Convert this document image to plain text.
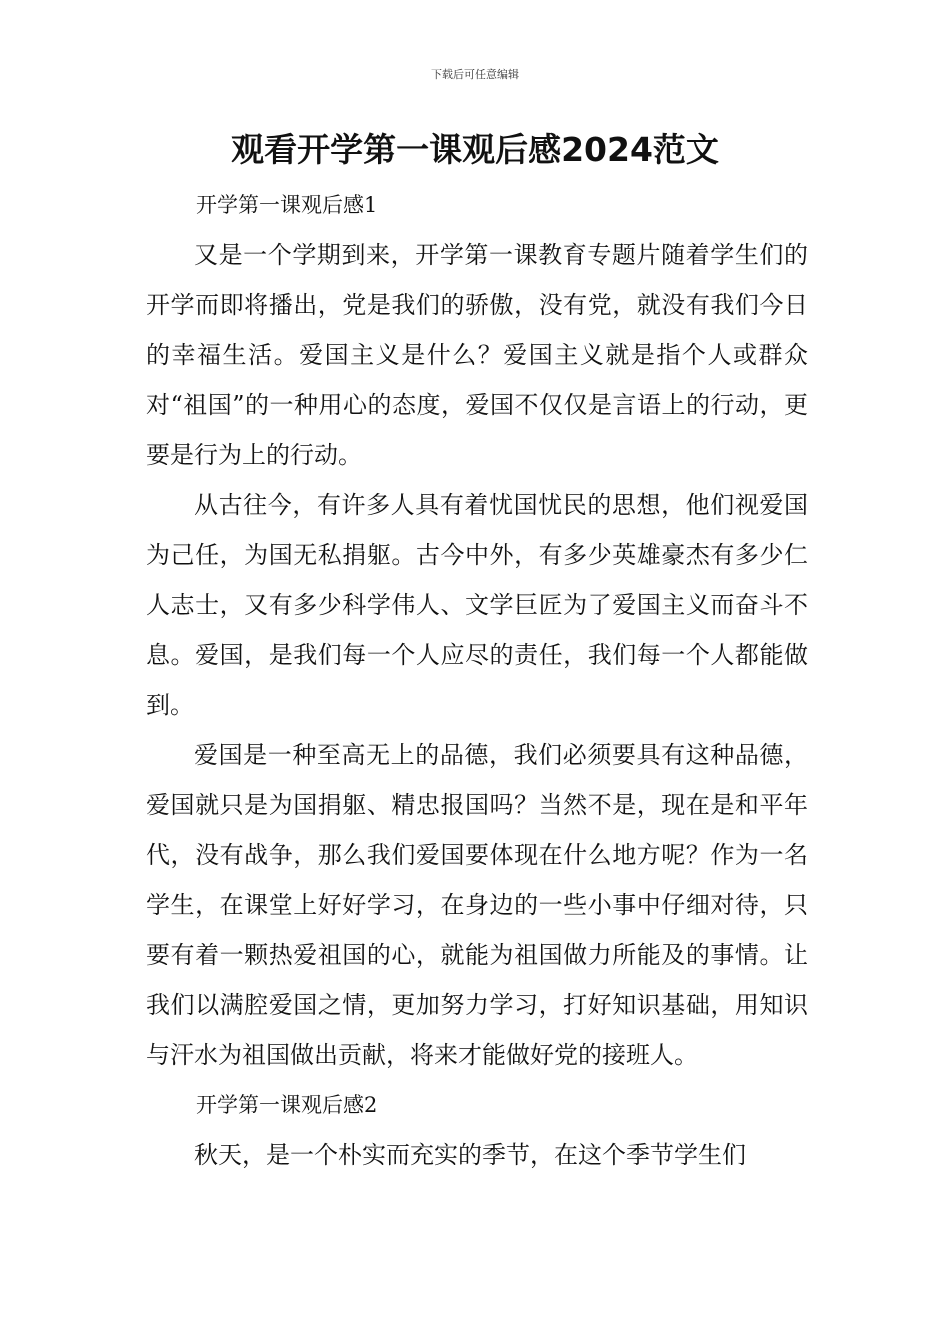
下载后可任意编辑
观看开学第一课观后感2024范文

开学第一课观后感1

又是一个学期到来，开学第一课教育专题片随着学生们的开学而即将播出，党是我们的骄傲，没有党，就没有我们今日的幸福生活。爱国主义是什么？爱国主义就是指个人或群众对“祖国”的一种用心的态度，爱国不仅仅是言语上的行动，更要是行为上的行动。

从古往今，有许多人具有着忧国忧民的思想，他们视爱国为己任，为国无私捐躯。古今中外，有多少英雄豪杰有多少仁人志士，又有多少科学伟人、文学巨匠为了爱国主义而奋斗不息。爱国，是我们每一个人应尽的责任，我们每一个人都能做到。

爱国是一种至高无上的品德，我们必须要具有这种品德，爱国就只是为国捐躯、精忠报国吗？当然不是，现在是和平年代，没有战争，那么我们爱国要体现在什么地方呢？作为一名学生，在课堂上好好学习，在身边的一些小事中仔细对待，只要有着一颗热爱祖国的心，就能为祖国做力所能及的事情。让我们以满腔爱国之情，更加努力学习，打好知识基础，用知识与汗水为祖国做出贡献，将来才能做好党的接班人。

开学第一课观后感2

秋天，是一个朴实而充实的季节，在这个季节学生们
